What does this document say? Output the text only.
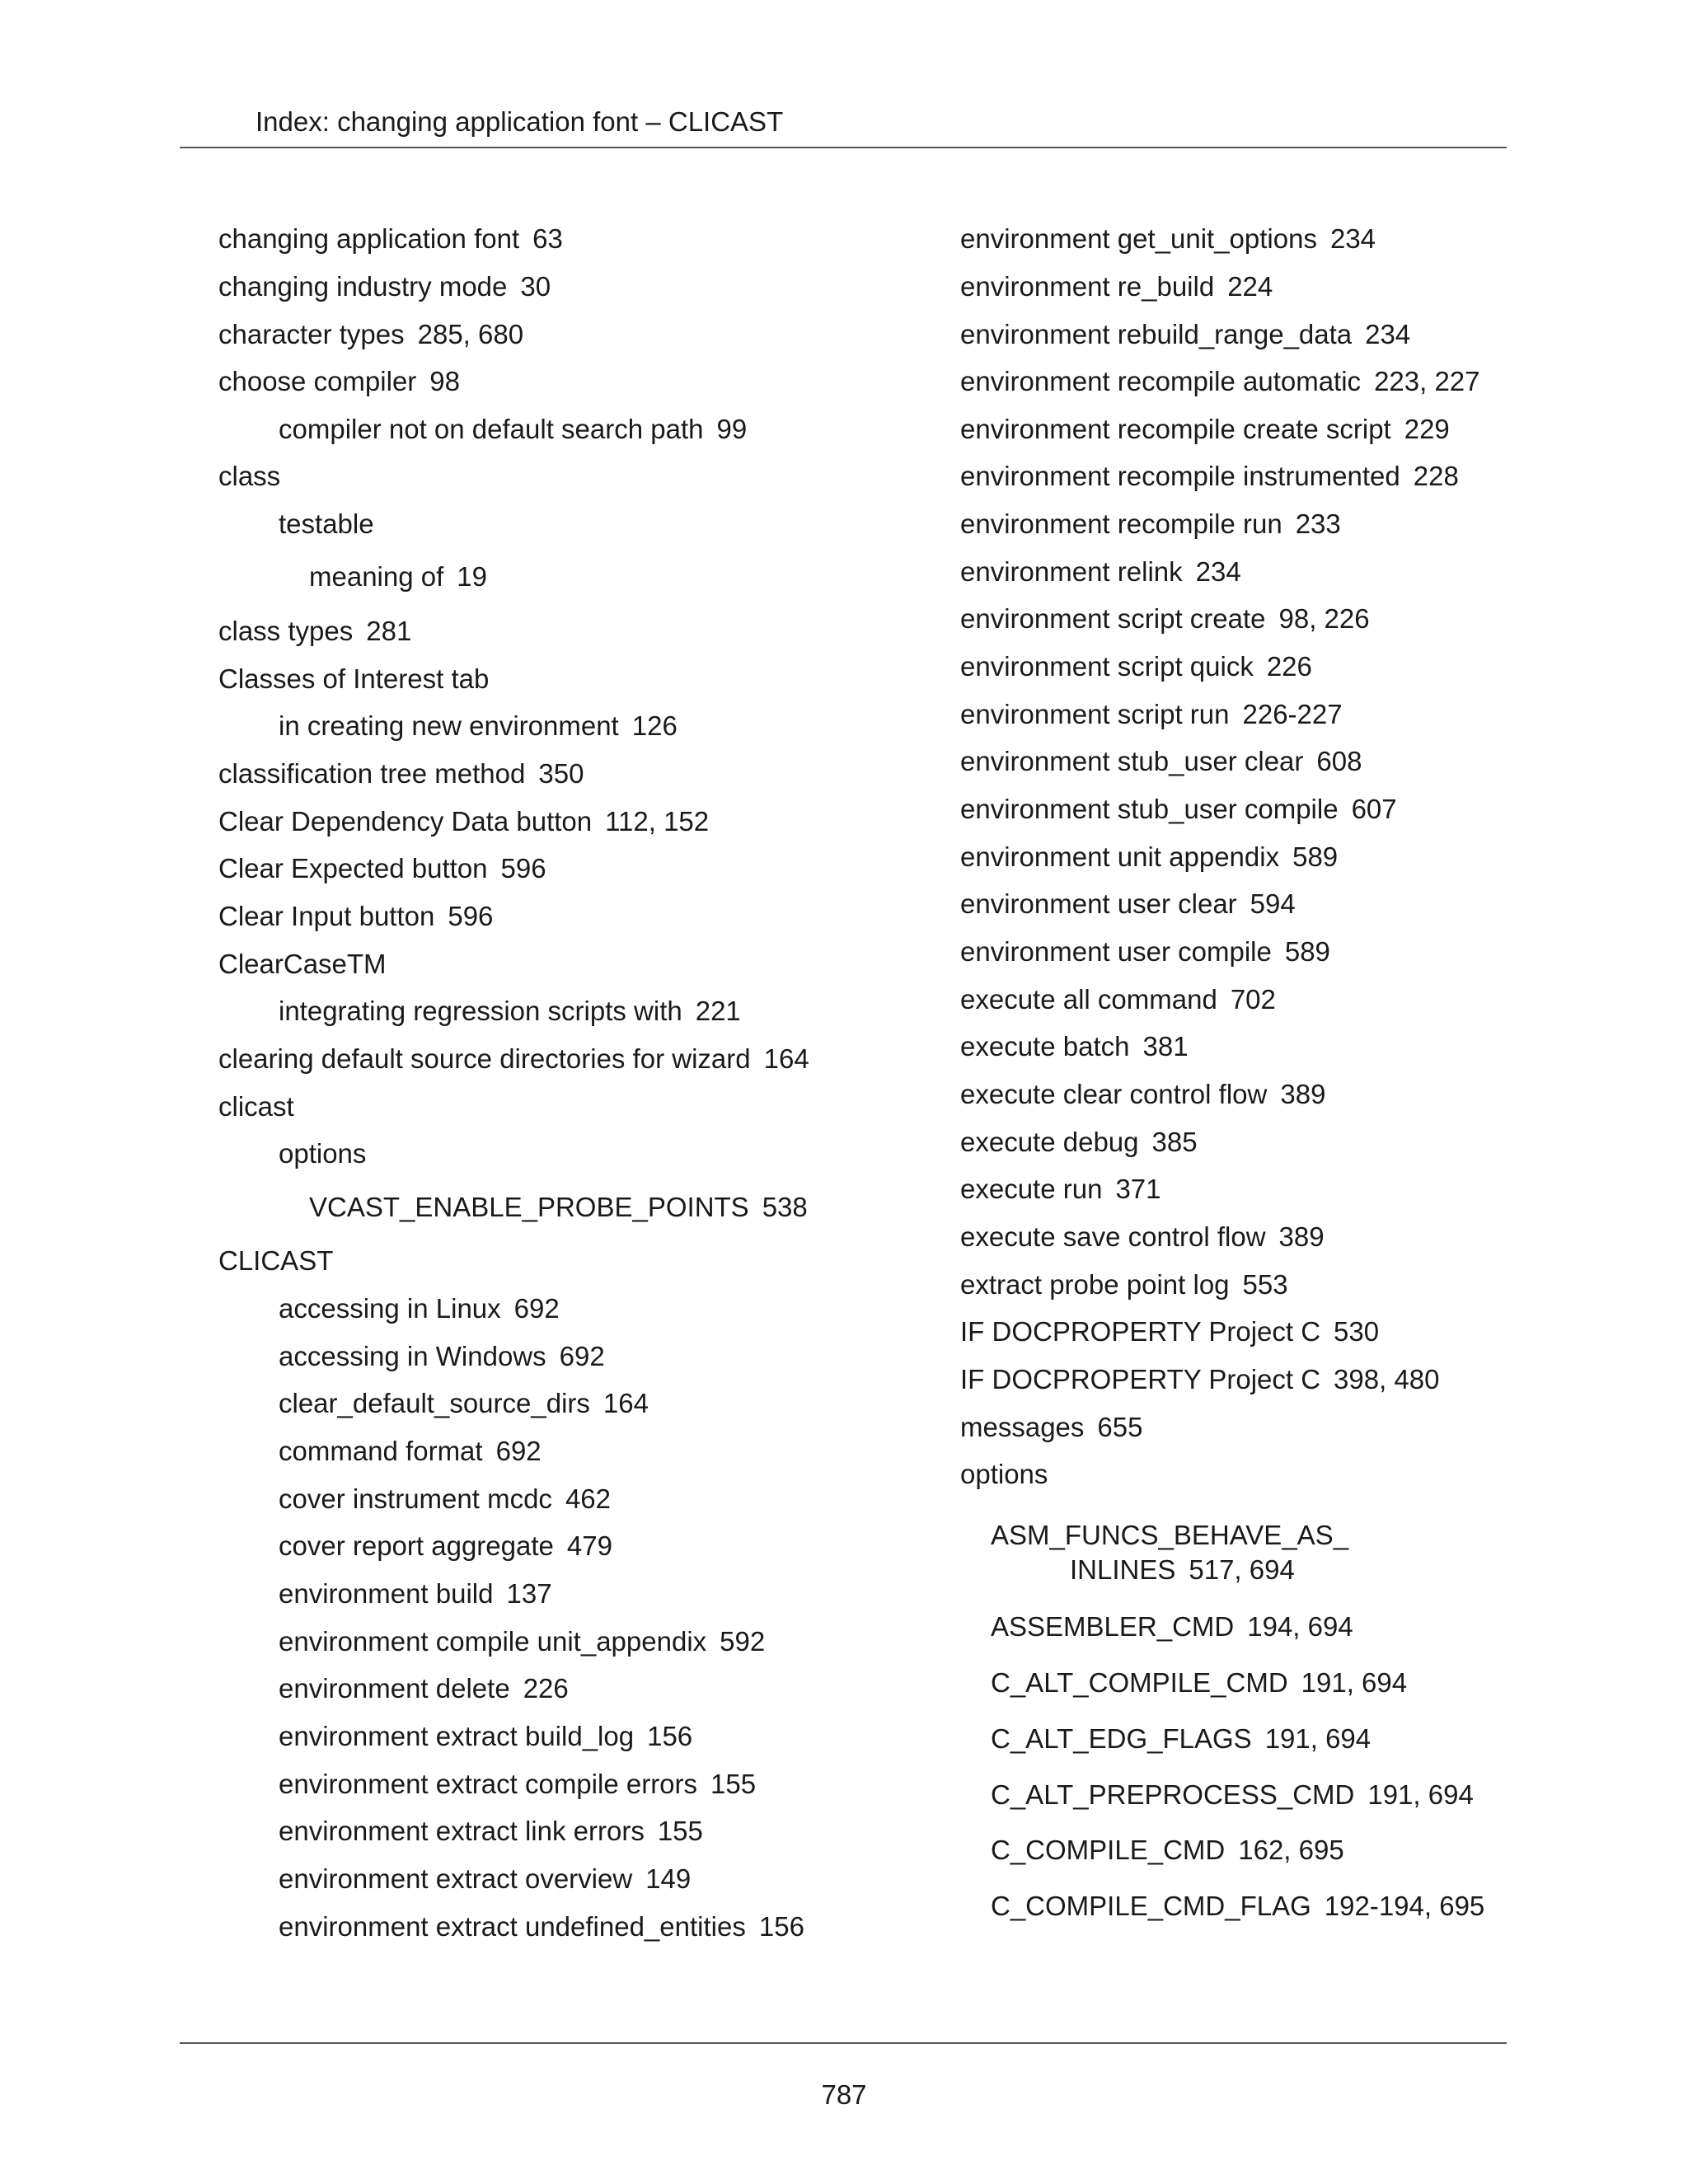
Index: changing application font – CLICAST
changing application font 63
changing industry mode 30
character types 285, 680
choose compiler 98
compiler not on default search path 99
class
testable
meaning of 19
class types 281
Classes of Interest tab
in creating new environment 126
classification tree method 350
Clear Dependency Data button 112, 152
Clear Expected button 596
Clear Input button 596
ClearCaseTM
integrating regression scripts with 221
clearing default source directories for wizard 164
clicast
options
VCAST_ENABLE_PROBE_POINTS 538
CLICAST
accessing in Linux 692
accessing in Windows 692
clear_default_source_dirs 164
command format 692
cover instrument mcdc 462
cover report aggregate 479
environment build 137
environment compile unit_appendix 592
environment delete 226
environment extract build_log 156
environment extract compile errors 155
environment extract link errors 155
environment extract overview 149
environment extract undefined_entities 156
environment get_unit_options 234
environment re_build 224
environment rebuild_range_data 234
environment recompile automatic 223, 227
environment recompile create script 229
environment recompile instrumented 228
environment recompile run 233
environment relink 234
environment script create 98, 226
environment script quick 226
environment script run 226-227
environment stub_user clear 608
environment stub_user compile 607
environment unit appendix 589
environment user clear 594
environment user compile 589
execute all command 702
execute batch 381
execute clear control flow 389
execute debug 385
execute run 371
execute save control flow 389
extract probe point log 553
IF DOCPROPERTY Project C 530
IF DOCPROPERTY Project C 398, 480
messages 655
options
ASM_FUNCS_BEHAVE_AS_
INLINES 517, 694
ASSEMBLER_CMD 194, 694
C_ALT_COMPILE_CMD 191, 694
C_ALT_EDG_FLAGS 191, 694
C_ALT_PREPROCESS_CMD 191, 694
C_COMPILE_CMD 162, 695
C_COMPILE_CMD_FLAG 192-194, 695
787
